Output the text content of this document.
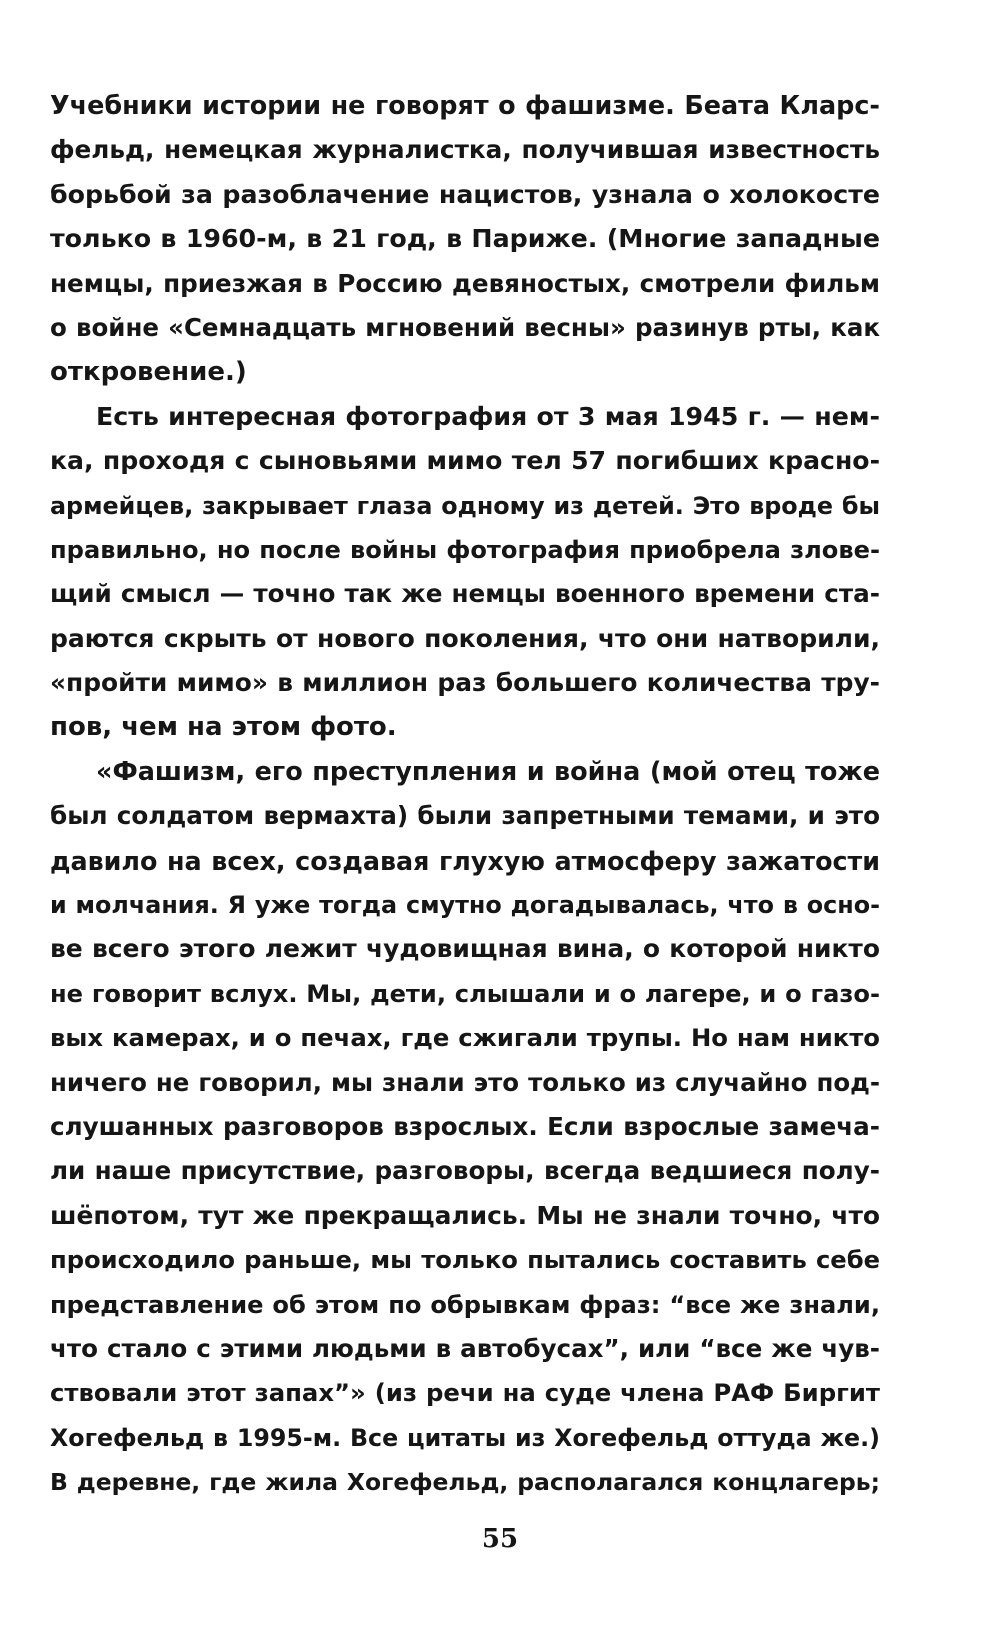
Учебники истории не говорят о фашизме. Беата Кларс-
фельд, немецкая журналистка, получившая известность
борьбой за разоблачение нацистов, узнала о холокосте
только в 1960-м, в 21 год, в Париже. (Многие западные
немцы, приезжая в Россию девяностых, смотрели фильм
о войне «Семнадцать мгновений весны» разинув рты, как
откровение.)
Есть интересная фотография от 3 мая 1945 г. — нем-
ка, проходя с сыновьями мимо тел 57 погибших красно-
армейцев, закрывает глаза одному из детей. Это вроде бы
правильно, но после войны фотография приобрела злове-
щий смысл — точно так же немцы военного времени ста-
раются скрыть от нового поколения, что они натворили,
«пройти мимо» в миллион раз большего количества тру-
пов, чем на этом фото.
«Фашизм, его преступления и война (мой отец тоже
был солдатом вермахта) были запретными темами, и это
давило на всех, создавая глухую атмосферу зажатости
и молчания. Я уже тогда смутно догадывалась, что в осно-
ве всего этого лежит чудовищная вина, о которой никто
не говорит вслух. Мы, дети, слышали и о лагере, и о газо-
вых камерах, и о печах, где сжигали трупы. Но нам никто
ничего не говорил, мы знали это только из случайно под-
слушанных разговоров взрослых. Если взрослые замеча-
ли наше присутствие, разговоры, всегда ведшиеся полу-
шёпотом, тут же прекращались. Мы не знали точно, что
происходило раньше, мы только пытались составить себе
представление об этом по обрывкам фраз: “все же знали,
что стало с этими людьми в автобусах”, или “все же чув-
ствовали этот запах”» (из речи на суде члена РАФ Биргит
Хогефельд в 1995-м. Все цитаты из Хогефельд оттуда же.)
В деревне, где жила Хогефельд, располагался концлагерь;
55
